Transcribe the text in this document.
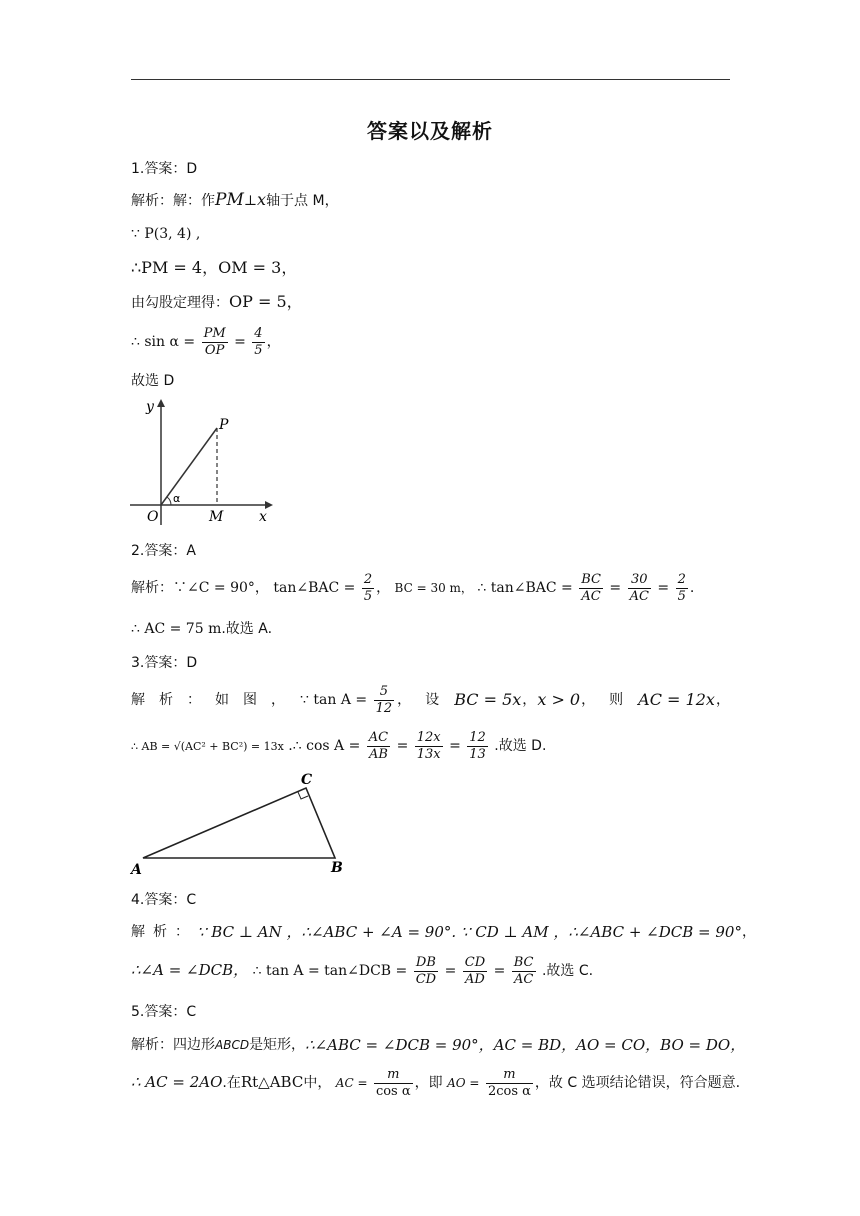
答案以及解析
1.答案：D
解析：解：作PM⊥x轴于点 M，
∵ P(3, 4) ,
∴PM = 4，OM = 3，
由勾股定理得：OP = 5，
∴ $\sin \alpha = \frac{PM}{OP} = \frac{4}{5}$ ，
故选 D
y
x
O
P
M
α
2.答案：A
解析：∵∠C = 90°， tan∠BAC = $\frac{2}{5}$ ， BC = 30 m， ∴ tan∠BAC = $\frac{BC}{AC} = \frac{30}{AC} = \frac{2}{5}$ .
∴ AC = 75 m.故选 A.
3.答案：D
解析：如图， ∵ $\tan A = \frac{5}{12}$ ，设 BC = 5x ， x > 0 ，则 AC = 12x ，
∴ AB = √(AC² + BC²) = 13x .∴ $\cos A = \frac{AC}{AB} = \frac{12x}{13x} = \frac{12}{13}$ .故选 D.
A	B
C
4.答案：C
解析： ∵ BC ⊥ AN ， ∴∠ABC + ∠A = 90° . ∵ CD ⊥ AM ， ∴∠ABC + ∠DCB = 90° ，
∴∠A = ∠DCB， ∴ tan A = tan∠DCB = $\frac{DB}{CD} = \frac{CD}{AD} = \frac{BC}{AC}$ .故选 C.
5.答案：C
解析：四边形ABCD是矩形， ∴∠ABC = ∠DCB = 90°， AC = BD， AO = CO， BO = DO，
∴ AC = 2AO.在Rt△ABC中， AC = $\frac{m}{\text{cos α}}$ ，即 AO = $\frac{m}{\text{2cos α}}$ ，故 C 选项结论错误，符合题意.
